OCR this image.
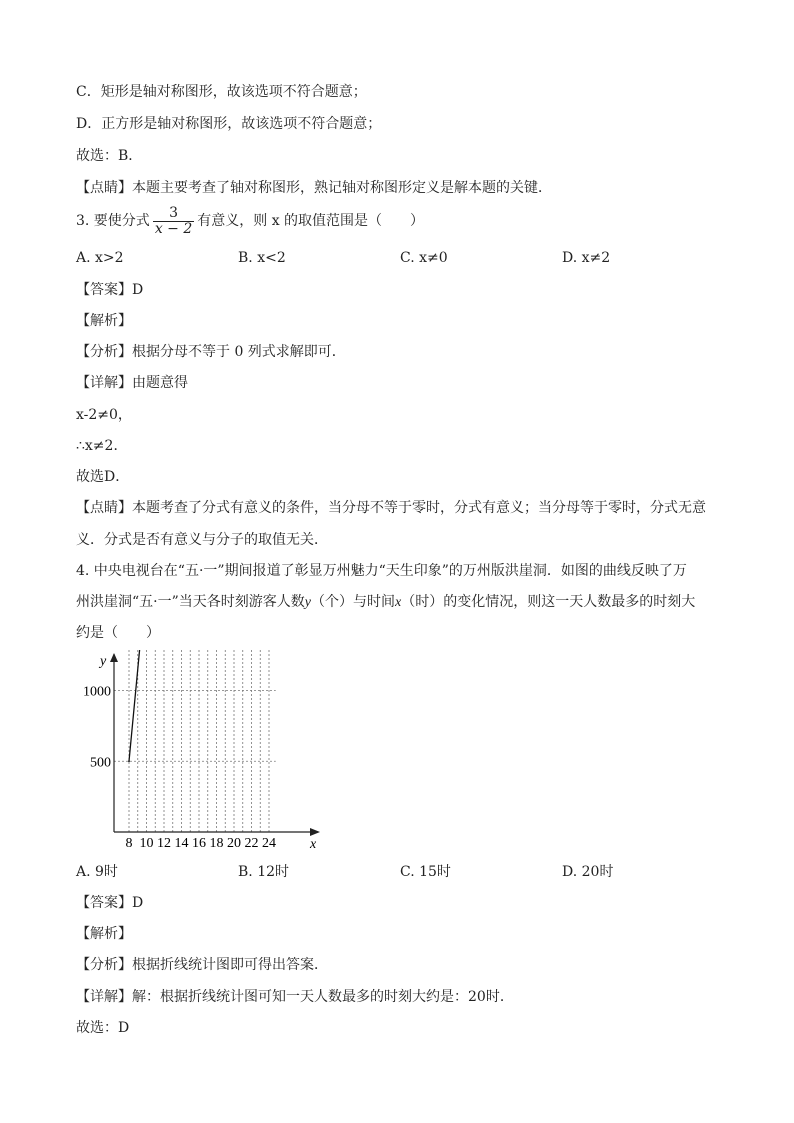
C．矩形是轴对称图形，故该选项不符合题意；
D．正方形是轴对称图形，故该选项不符合题意；
故选：B．
【点睛】本题主要考查了轴对称图形，熟记轴对称图形定义是解本题的关键．
3. 要使分式 $\frac{3}{x - 2}$ 有意义，则 x 的取值范围是（　　）
A. x>2	B. x<2	C. x≠0	D. x≠2
【答案】D
【解析】
【分析】根据分母不等于 0 列式求解即可．
【详解】由题意得
x-2≠0，
∴x≠2．
故选D．
【点睛】本题考查了分式有意义的条件，当分母不等于零时，分式有意义；当分母等于零时，分式无意
义．分式是否有意义与分子的取值无关．
4. 中央电视台在“五·一”期间报道了彰显万州魅力“天生印象”的万州版洪崖洞．如图的曲线反映了万
州洪崖洞“五·一”当天各时刻游客人数y（个）与时间x（时）的变化情况，则这一天人数最多的时刻大
约是（　　）
y
x
500
1000
8 10 12 14 16 18 20 22 24
A. 9时	B. 12时	C. 15时	D. 20时
【答案】D
【解析】
【分析】根据折线统计图即可得出答案．
【详解】解：根据折线统计图可知一天人数最多的时刻大约是：20时．
故选：D
